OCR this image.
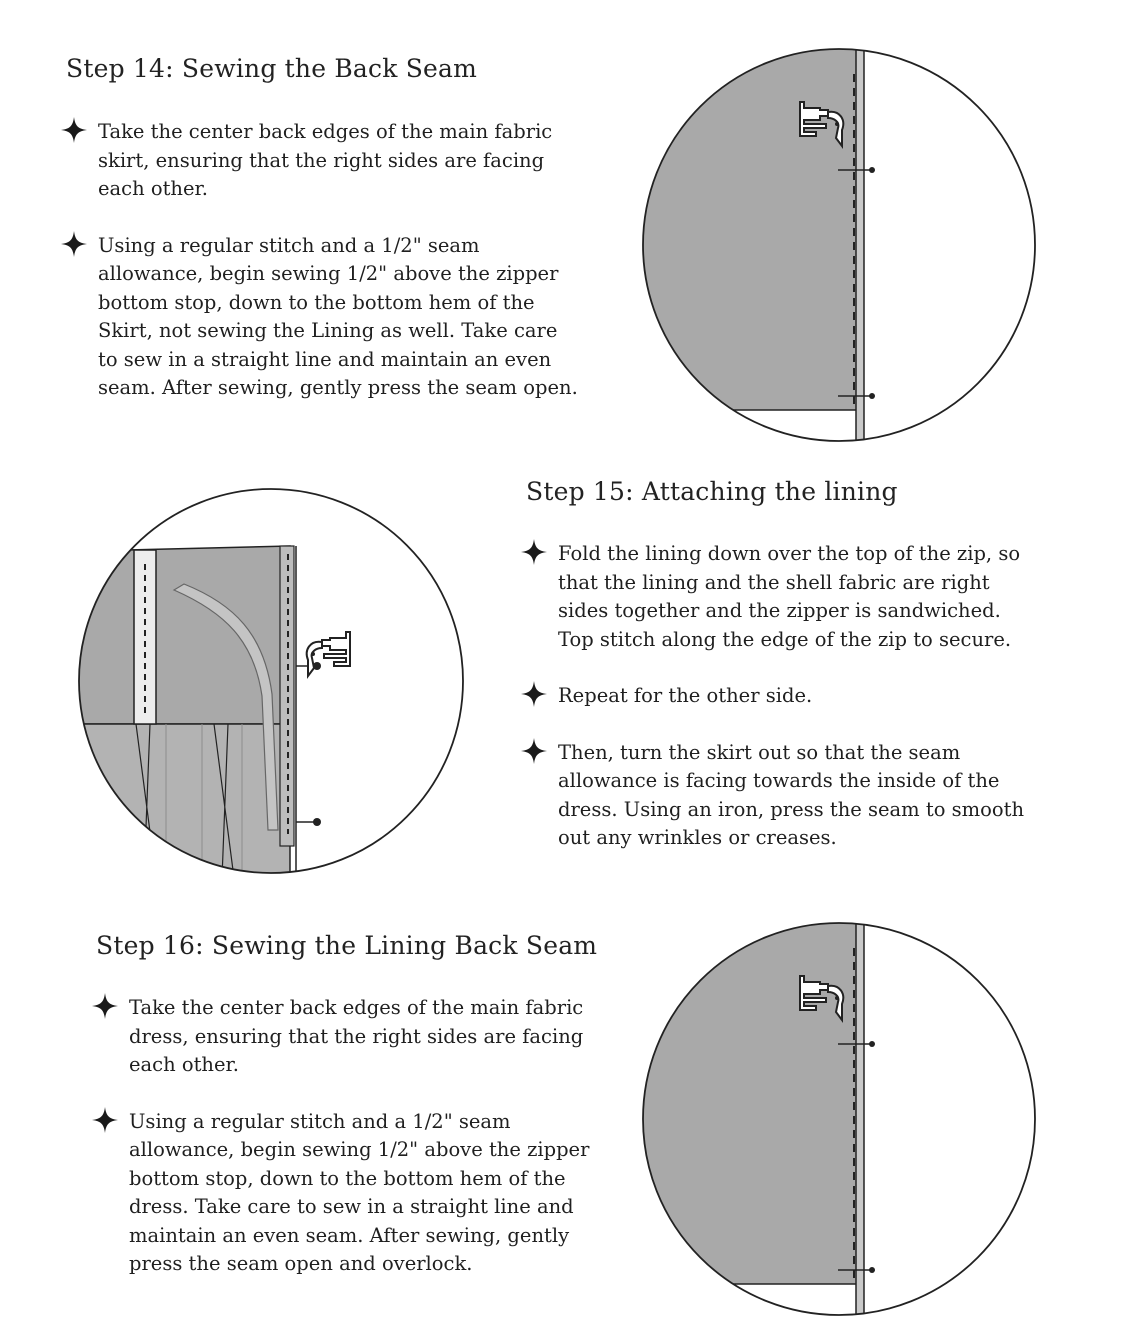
Step 14: Sewing the Back Seam
Take the center back edges of the main fabric skirt, ensuring that the right sides are facing each other.
Using a regular stitch and a 1/2" seam allowance, begin sewing 1/2" above the zipper bottom stop, down to the bottom hem of the Skirt, not sewing the Lining as well. Take care to sew in a straight line and maintain an even seam. After sewing, gently press the seam open.
Step 15: Attaching the lining
Fold the lining down over the top of the zip, so that the lining and the shell fabric are right sides together and the zipper is sandwiched. Top stitch along the edge of the zip to secure.
Repeat for the other side.
Then, turn the skirt out so that the seam allowance is facing towards the inside of the dress. Using an iron, press the seam to smooth out any wrinkles or creases.
Step 16: Sewing the Lining Back Seam
Take the center back edges of the main fabric dress, ensuring that the right sides are facing each other.
Using a regular stitch and a 1/2" seam allowance, begin sewing 1/2" above the zipper bottom stop, down to the bottom hem of the dress. Take care to sew in a straight line and maintain an even seam. After sewing, gently press the seam open and overlock.
